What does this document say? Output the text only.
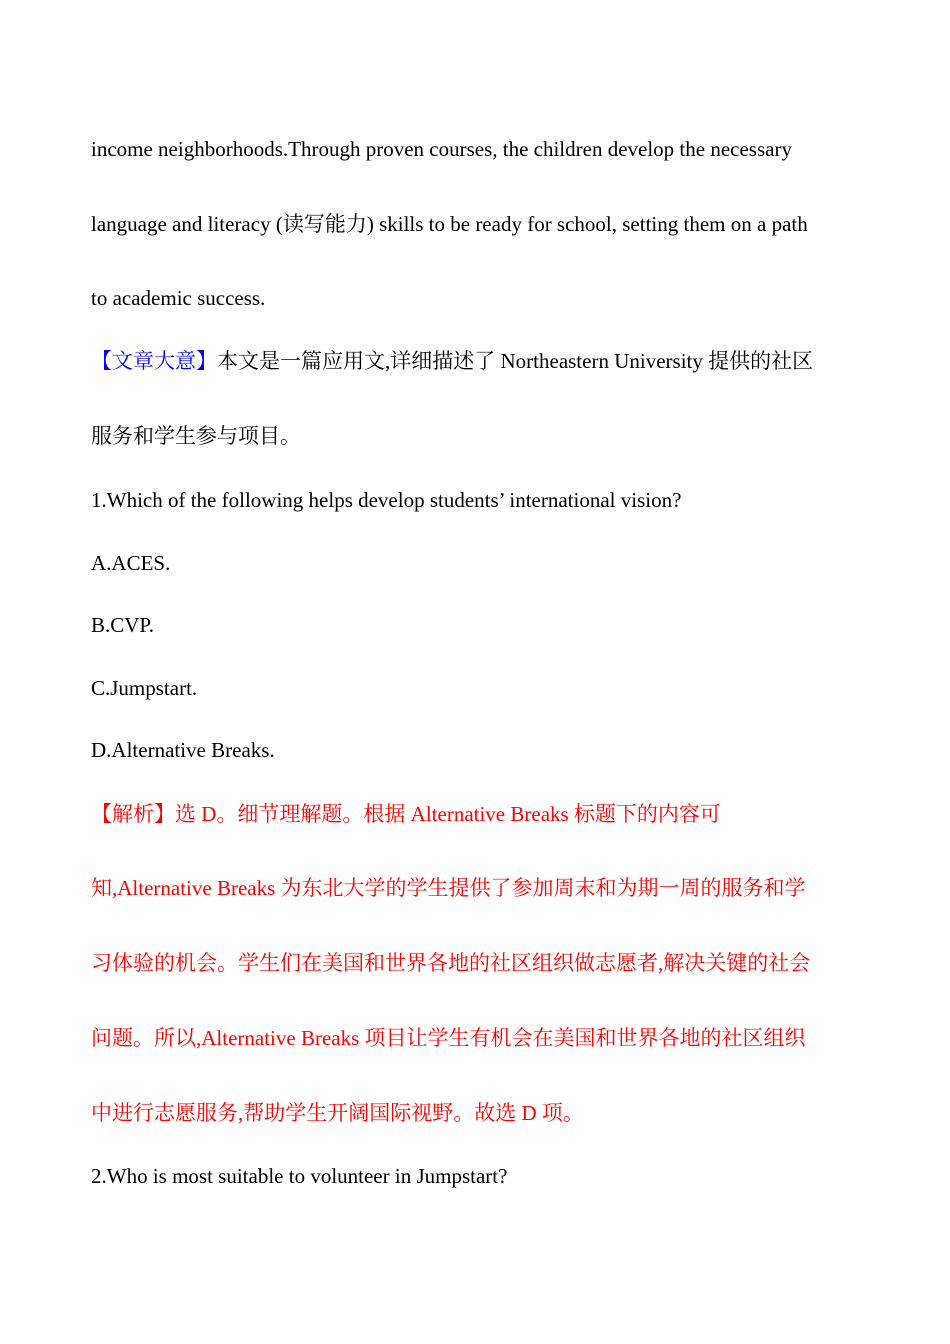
income neighborhoods.Through proven courses, the children develop the necessary
language and literacy (读写能力) skills to be ready for school, setting them on a path
to academic success.
【文章大意】本文是一篇应用文,详细描述了 Northeastern University 提供的社区
服务和学生参与项目。
1.Which of the following helps develop students’ international vision?
A.ACES.
B.CVP.
C.Jumpstart.
D.Alternative Breaks.
【解析】选 D。细节理解题。根据 Alternative Breaks 标题下的内容可
知,Alternative Breaks 为东北大学的学生提供了参加周末和为期一周的服务和学
习体验的机会。学生们在美国和世界各地的社区组织做志愿者,解决关键的社会
问题。所以,Alternative Breaks 项目让学生有机会在美国和世界各地的社区组织
中进行志愿服务,帮助学生开阔国际视野。故选 D 项。
2.Who is most suitable to volunteer in Jumpstart?
